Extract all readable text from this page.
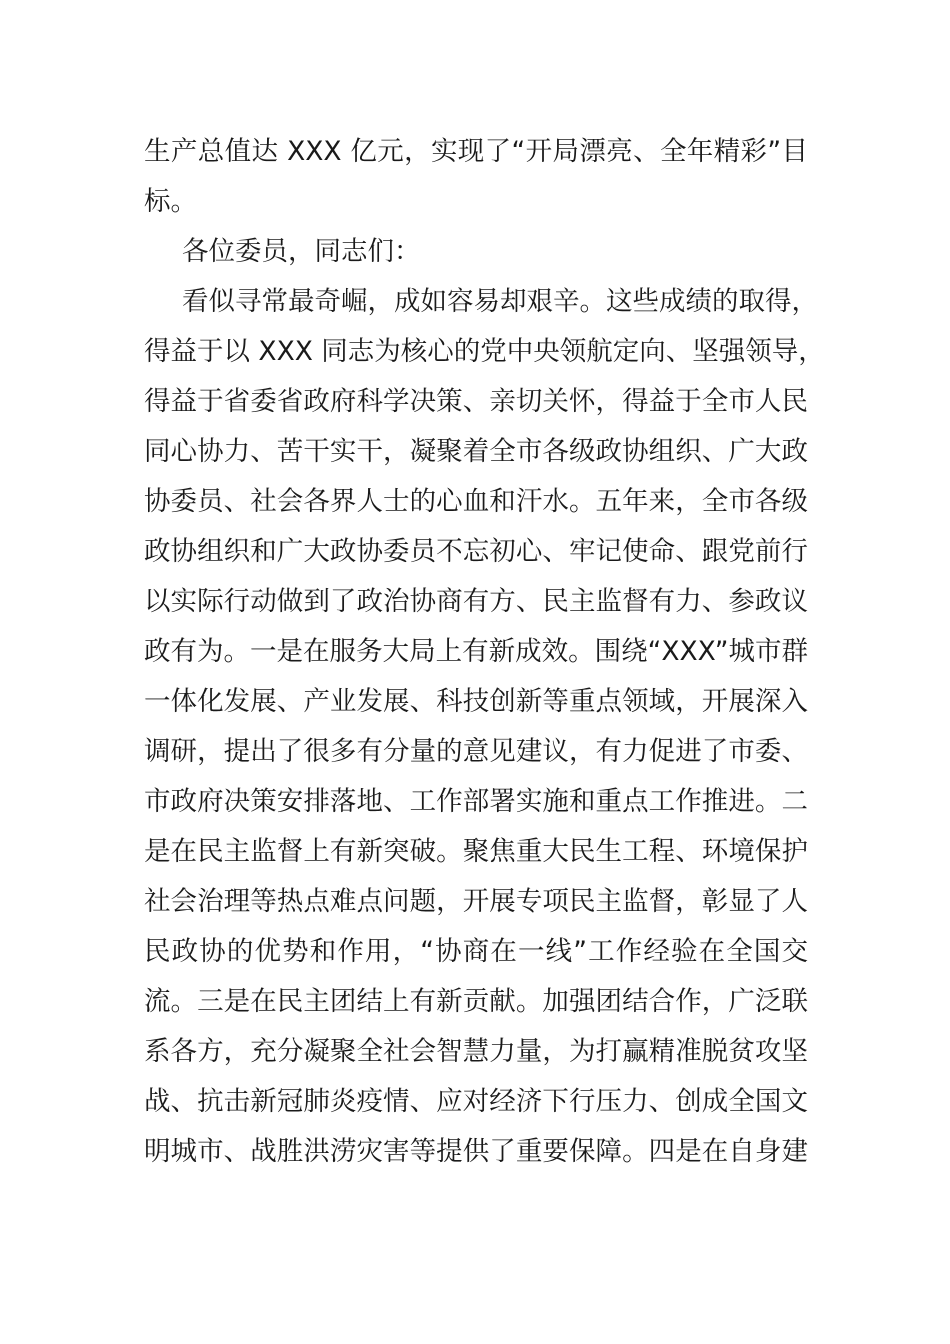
生产总值达 XXX 亿元，实现了“开局漂亮、全年精彩”目
标。
各位委员，同志们：
看似寻常最奇崛，成如容易却艰辛。这些成绩的取得，
得益于以 XXX 同志为核心的党中央领航定向、坚强领导，
得益于省委省政府科学决策、亲切关怀，得益于全市人民
同心协力、苦干实干，凝聚着全市各级政协组织、广大政
协委员、社会各界人士的心血和汗水。五年来，全市各级
政协组织和广大政协委员不忘初心、牢记使命、跟党前行
以实际行动做到了政治协商有方、民主监督有力、参政议
政有为。一是在服务大局上有新成效。围绕“XXX”城市群
一体化发展、产业发展、科技创新等重点领域，开展深入
调研，提出了很多有分量的意见建议，有力促进了市委、
市政府决策安排落地、工作部署实施和重点工作推进。二
是在民主监督上有新突破。聚焦重大民生工程、环境保护
社会治理等热点难点问题，开展专项民主监督，彰显了人
民政协的优势和作用，“协商在一线”工作经验在全国交
流。三是在民主团结上有新贡献。加强团结合作，广泛联
系各方，充分凝聚全社会智慧力量，为打赢精准脱贫攻坚
战、抗击新冠肺炎疫情、应对经济下行压力、创成全国文
明城市、战胜洪涝灾害等提供了重要保障。四是在自身建
